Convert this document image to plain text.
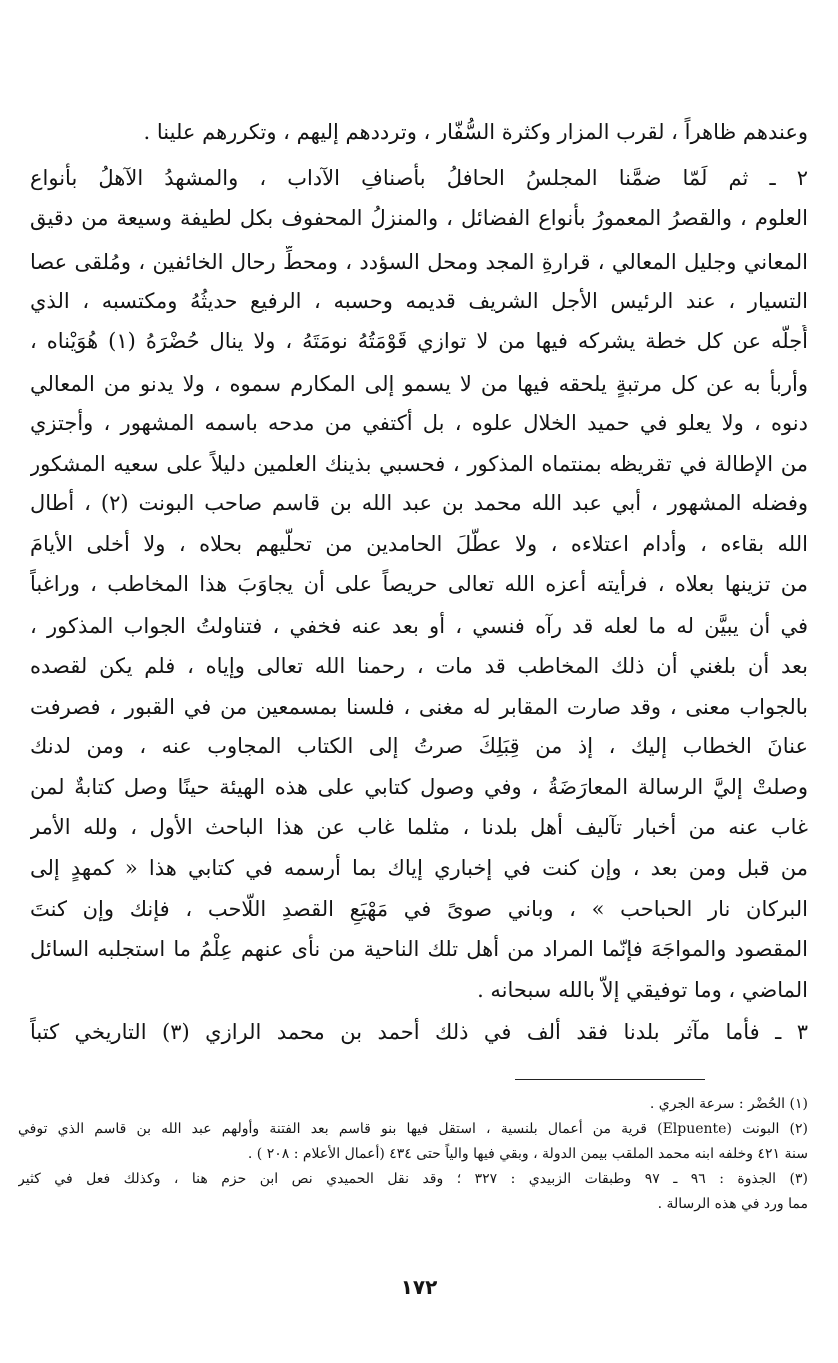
وعندهم ظاهراً ، لقرب المزار وكثرة السُّفّار ، وترددهم إليهم ، وتكررهم علينا .
٢ ـ ثم لَمّا ضمَّنا المجلسُ الحافلُ بأصنافِ الآداب ، والمشهدُ الآهلُ بأنواع
العلوم ، والقصرُ المعمورُ بأنواع الفضائل ، والمنزلُ المحفوف بكل لطيفة وسيعة من دقيق
المعاني وجليل المعالي ، قرارةِ المجد ومحل السؤدد ، ومحطِّ رحال الخائفين ، ومُلقى عصا
التسيار ، عند الرئيس الأجل الشريف قديمه وحسبه ، الرفيع حديثُهُ ومكتسبه ، الذي
أُجلّه عن كل خطة يشركه فيها من لا توازي قَوْمَتُهُ نومَتَهُ ، ولا ينال حُضْرَهُ (١) هُوَيْناه ،
وأربأ به عن كل مرتبةٍ يلحقه فيها من لا يسمو إلى المكارم سموه ، ولا يدنو من المعالي
دنوه ، ولا يعلو في حميد الخلال علوه ، بل أكتفي من مدحه باسمه المشهور ، وأجتزي
من الإطالة في تقريظه بمنتماه المذكور ، فحسبي بذينك العلمين دليلاً على سعيه المشكور
وفضله المشهور ، أبي عبد الله محمد بن عبد الله بن قاسم صاحب البونت (٢) ، أطال
الله بقاءه ، وأدام اعتلاءه ، ولا عطَّلَ الحامدين من تحلّيهم بحلاه ، ولا أخلى الأيامَ
من تزينها بعلاه ، فرأيته أعزه الله تعالى حريصاً على أن يجاوَبَ هذا المخاطب ، وراغباً
في أن يبيَّن له ما لعله قد رآه فنسي ، أو بعد عنه فخفي ، فتناولتُ الجواب المذكور ،
بعد أن بلغني أن ذلك المخاطب قد مات ، رحمنا الله تعالى وإياه ، فلم يكن لقصده
بالجواب معنى ، وقد صارت المقابر له مغنى ، فلسنا بمسمعين من في القبور ، فصرفت
عنانَ الخطاب إليك ، إذ من قِبَلِكَ صرتُ إلى الكتاب المجاوب عنه ، ومن لدنك
وصلتْ إليَّ الرسالة المعارَضَةُ ، وفي وصول كتابي على هذه الهيئة حينًا وصل كتابةٌ لمن
غاب عنه من أخبار تآليف أهل بلدنا ، مثلما غاب عن هذا الباحث الأول ، ولله الأمر
من قبل ومن بعد ، وإن كنت في إخباري إياك بما أرسمه في كتابي هذا « كمهدٍ إلى
البركان نار الحباحب » ، وباني صوىً في مَهْيَعِ القصدِ اللّاحب ، فإنك وإن كنتَ
المقصود والمواجَهَ فإنّما المراد من أهل تلك الناحية من نأى عنهم عِلْمُ ما استجلبه السائل
الماضي ، وما توفيقي إلاّ بالله سبحانه .
٣ ـ فأما مآثر بلدنا فقد ألف في ذلك أحمد بن محمد الرازي (٣) التاريخي كتباً
(١) الحُضْر : سرعة الجري .
(٢) البونت (Elpuente) قرية من أعمال بلنسية ، استقل فيها بنو قاسم بعد الفتنة وأولهم عبد الله بن قاسم الذي توفي
سنة ٤٢١ وخلفه ابنه محمد الملقب بيمن الدولة ، وبقي فيها والياً حتى ٤٣٤ (أعمال الأعلام : ٢٠٨ ) .
(٣) الجذوة : ٩٦ ـ ٩٧ وطبقات الزبيدي : ٣٢٧ ؛ وقد نقل الحميدي نص ابن حزم هنا ، وكذلك فعل في كثير
مما ورد في هذه الرسالة .
١٧٢
